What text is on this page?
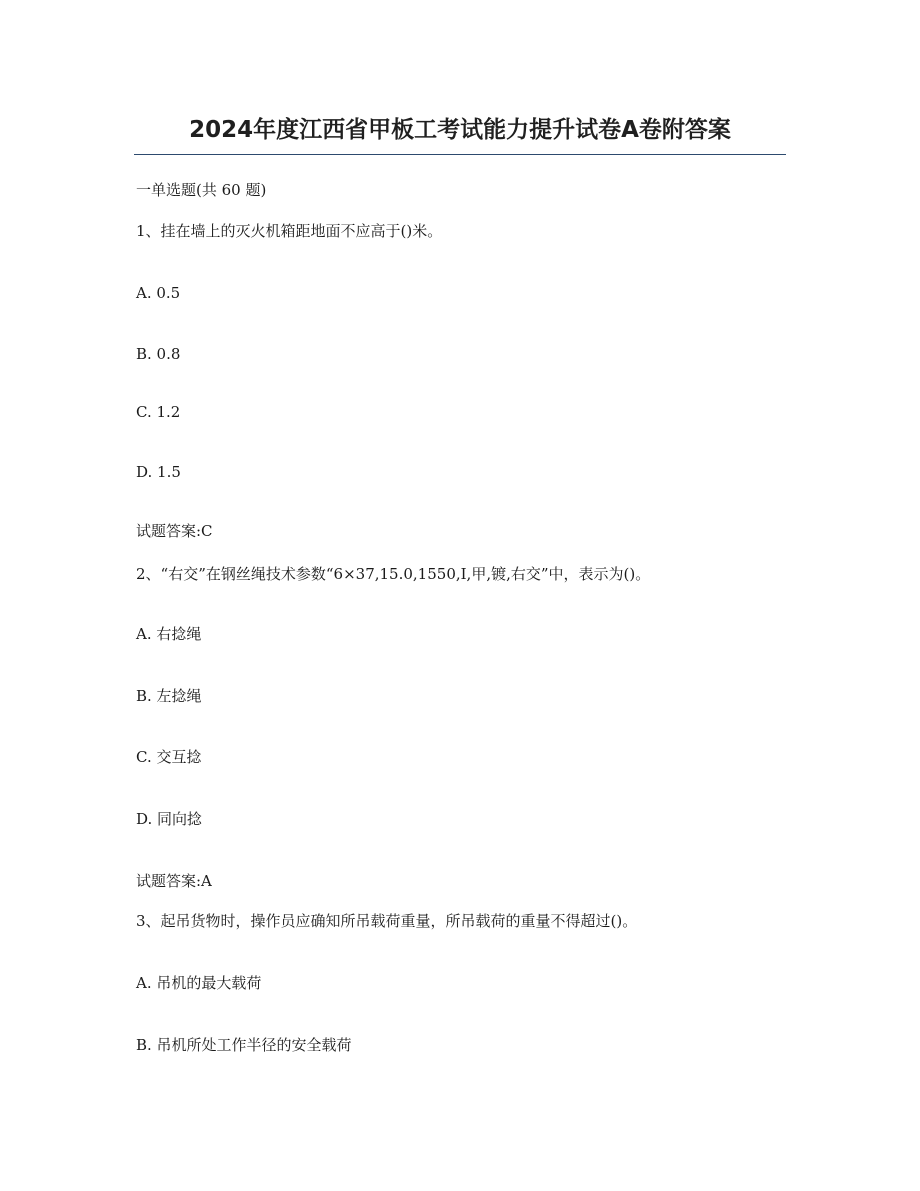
2024年度江西省甲板工考试能力提升试卷A卷附答案

一单选题(共 60 题)

1、挂在墙上的灭火机箱距地面不应高于()米。

A. 0.5

B. 0.8

C. 1.2

D. 1.5

试题答案:C

2、“右交”在钢丝绳技术参数“6×37,15.0,1550,I,甲,镀,右交”中，表示为()。

A. 右捻绳

B. 左捻绳

C. 交互捻

D. 同向捻

试题答案:A

3、起吊货物时，操作员应确知所吊载荷重量，所吊载荷的重量不得超过()。

A. 吊机的最大载荷

B. 吊机所处工作半径的安全载荷
